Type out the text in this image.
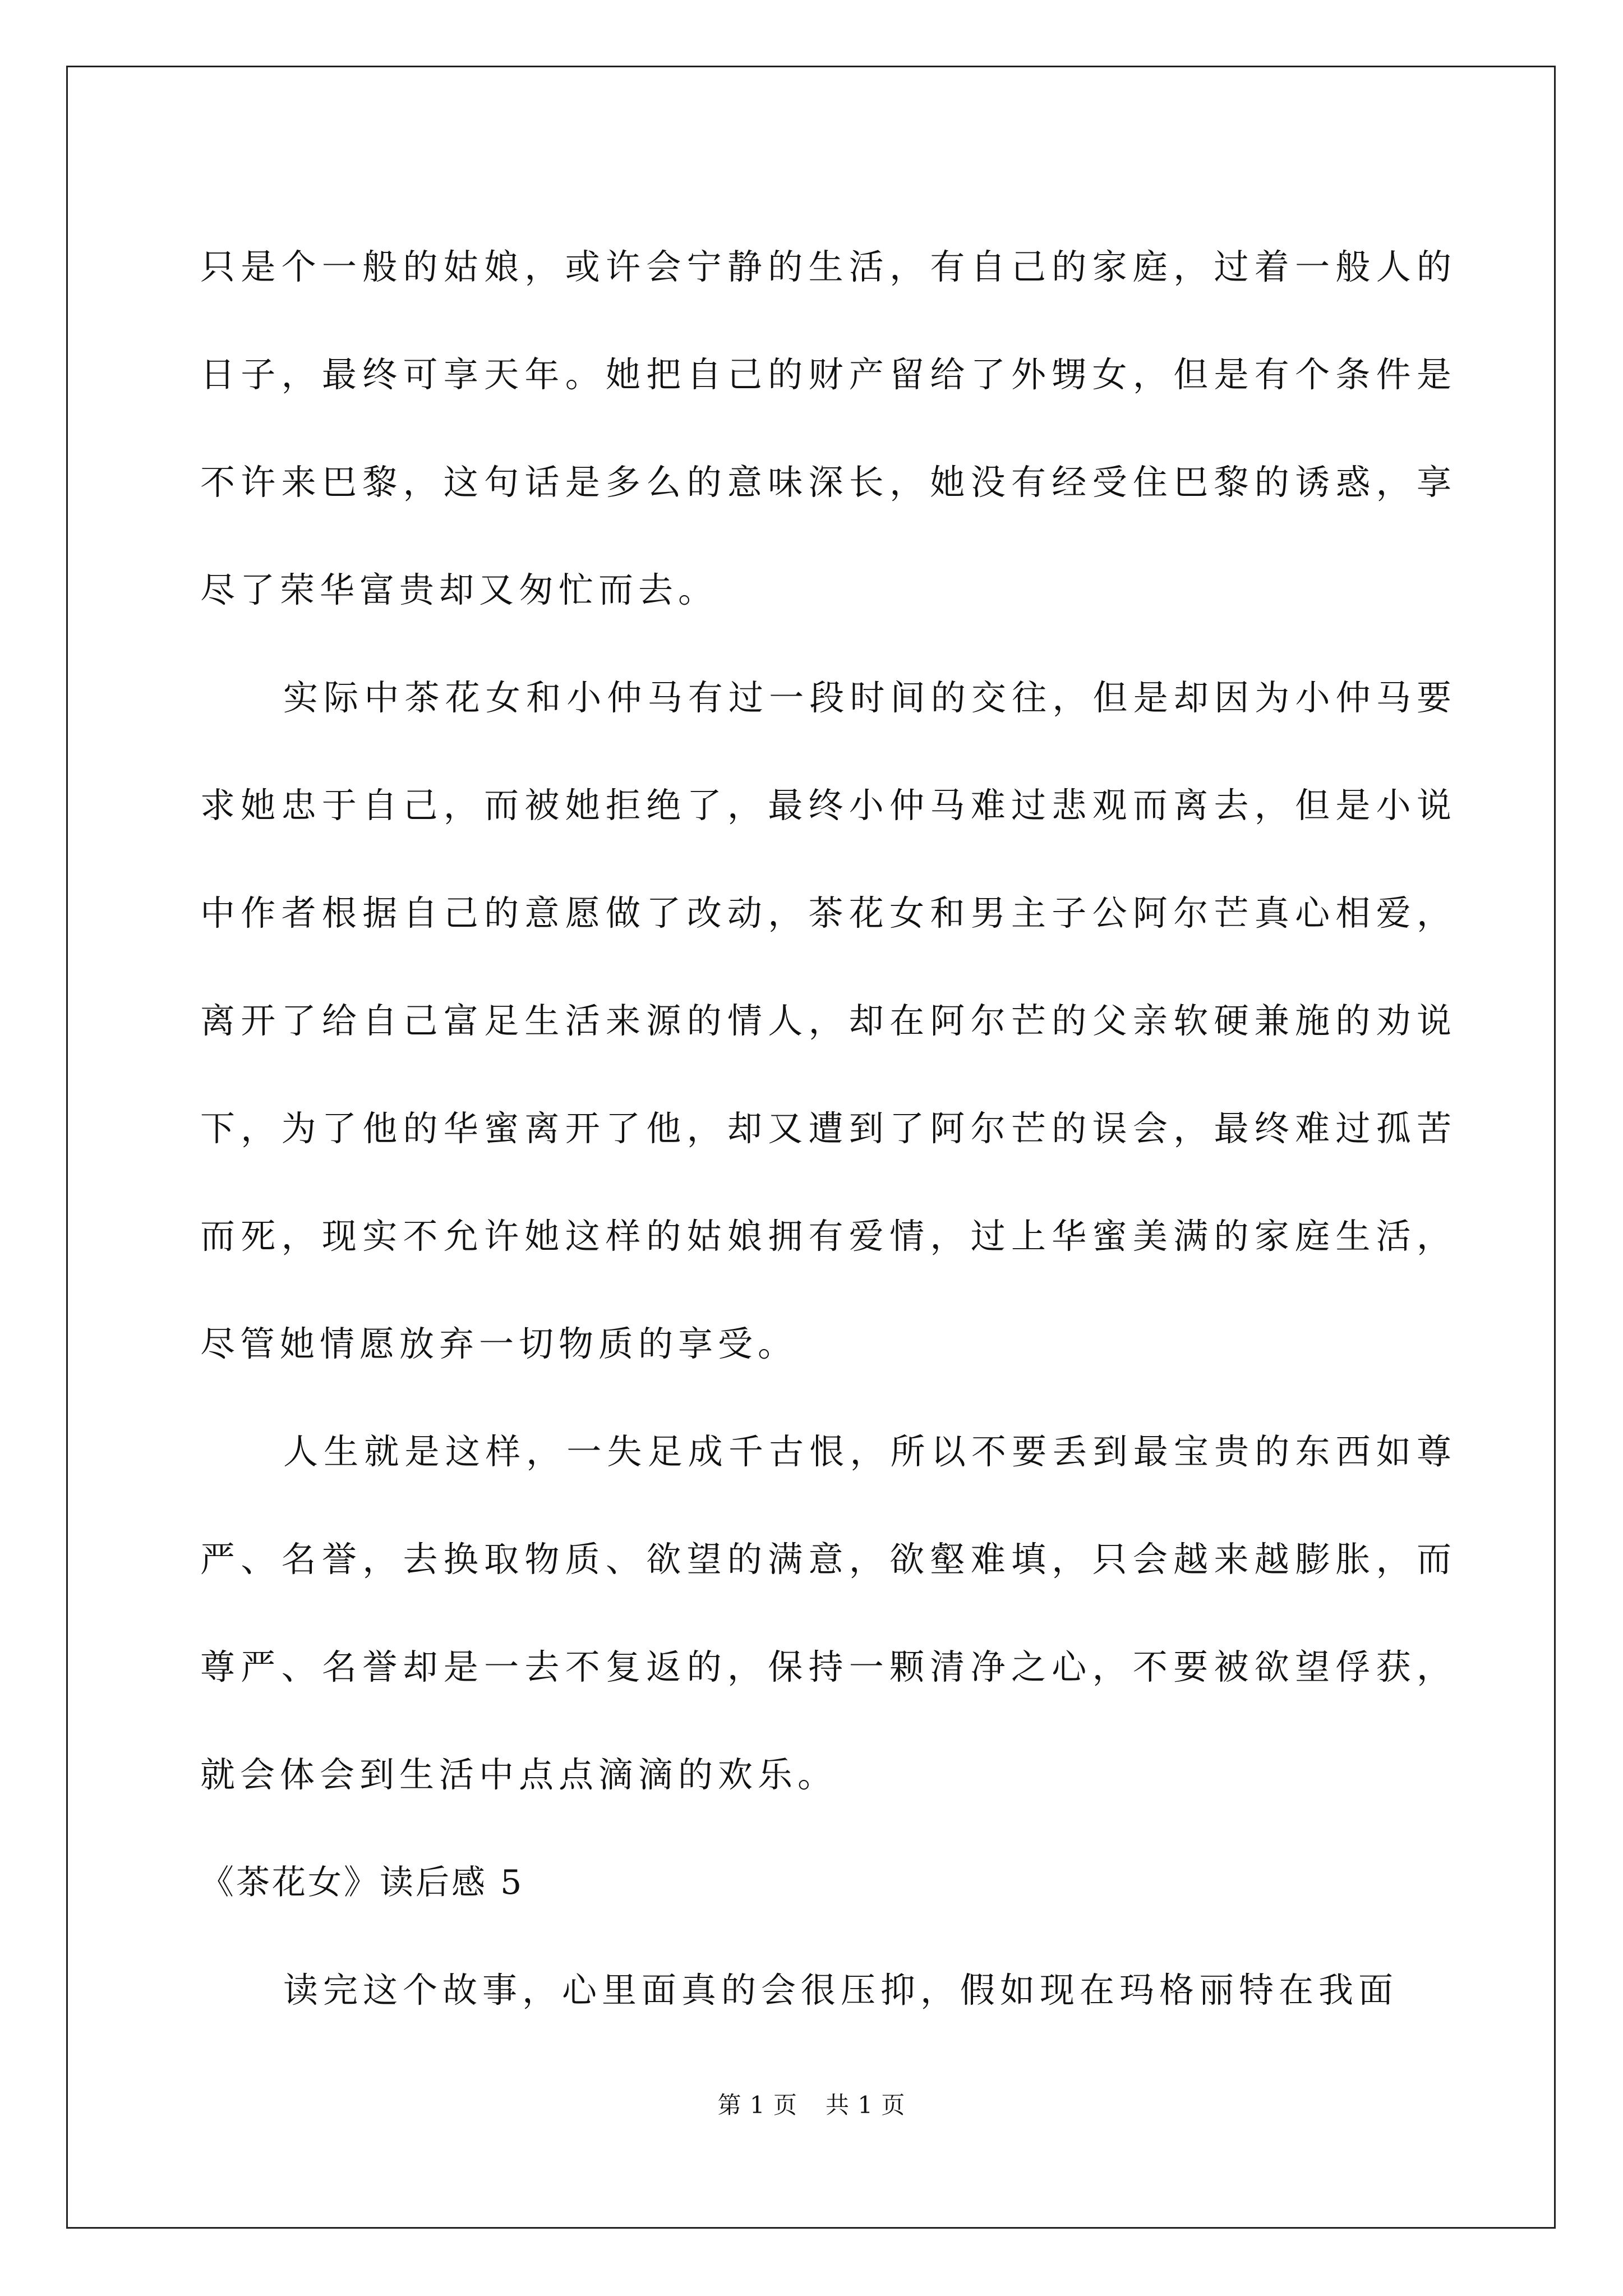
只是个一般的姑娘，或许会宁静的生活，有自己的家庭，过着一般人的日子，最终可享天年。她把自己的财产留给了外甥女，但是有个条件是不许来巴黎，这句话是多么的意味深长，她没有经受住巴黎的诱惑，享尽了荣华富贵却又匆忙而去。

实际中茶花女和小仲马有过一段时间的交往，但是却因为小仲马要求她忠于自己，而被她拒绝了，最终小仲马难过悲观而离去，但是小说中作者根据自己的意愿做了改动，茶花女和男主子公阿尔芒真心相爱，离开了给自己富足生活来源的情人，却在阿尔芒的父亲软硬兼施的劝说下，为了他的华蜜离开了他，却又遭到了阿尔芒的误会，最终难过孤苦而死，现实不允许她这样的姑娘拥有爱情，过上华蜜美满的家庭生活，尽管她情愿放弃一切物质的享受。

人生就是这样，一失足成千古恨，所以不要丢到最宝贵的东西如尊严、名誉，去换取物质、欲望的满意，欲壑难填，只会越来越膨胀，而尊严、名誉却是一去不复返的，保持一颗清净之心，不要被欲望俘获，就会体会到生活中点点滴滴的欢乐。

《茶花女》读后感 5

读完这个故事，心里面真的会很压抑，假如现在玛格丽特在我面

第 1 页 共 1 页
